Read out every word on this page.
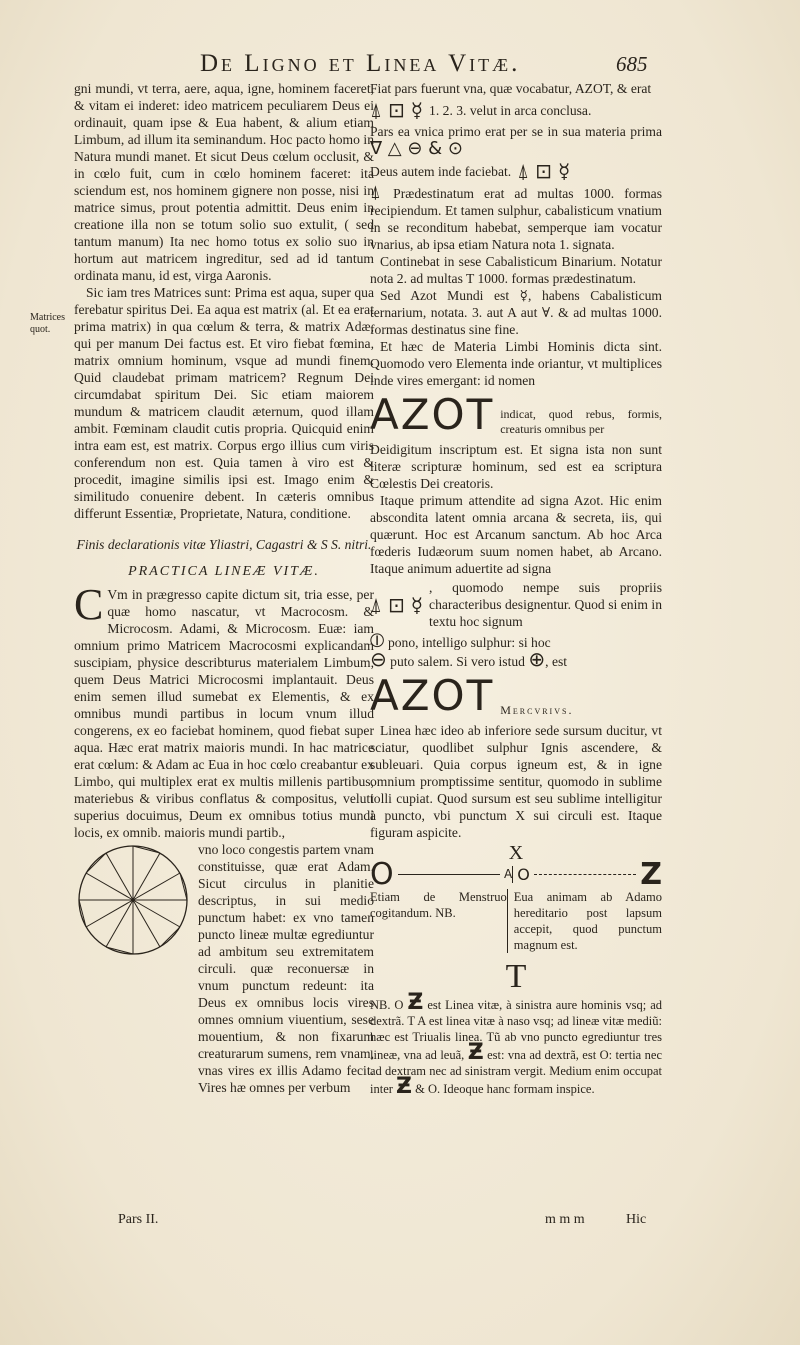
De Ligno et Linea Vitæ.	685
Matrices quot.

gni mundi, vt terra, aere, aqua, igne, hominem faceret, & vitam ei inderet: ideo matricem peculiarem Deus ei ordinauit, quam ipse & Eua habent, & alium etiam Limbum, ad illum ita seminandum. Hoc pacto homo in Natura mundi manet. Et sicut Deus cœlum occlusit, & in cœlo fuit, cum in cœlo hominem faceret: ita sciendum est, nos hominem gignere non posse, nisi in matrice simus, prout potentia admittit. Deus enim in creatione illa non se totum solio suo extulit, ( sed tantum manum) Ita nec homo totus ex solio suo in hortum aut matricem ingreditur, sed ad id tantum ordinata manu, id est, virga Aaronis.

Sic iam tres Matrices sunt: Prima est aqua, super qua ferebatur spiritus Dei. Ea aqua est matrix (al. Et ea erat prima matrix) in qua cœlum & terra, & matrix Adæ, qui per manum Dei factus est. Et viro fiebat fœmina, matrix omnium hominum, vsque ad mundi finem. Quid claudebat primam matricem? Regnum Dei circumdabat spiritum Dei. Sic etiam maiorem mundum & matricem claudit æternum, quod illam ambit. Fœminam claudit cutis propria. Quicquid enim intra eam est, est matrix. Corpus ergo illius cum viris conferendum non est. Quia tamen à viro est & procedit, imagine similis ipsi est. Imago enim & similitudo conuenire debent. In cæteris omnibus differunt Essentiæ, Proprietate, Natura, conditione.

Finis declarationis vitæ Yliastri, Cagastri & S S. nitri.

PRACTICA LINEÆ VITÆ.

C Vm in prægresso capite dictum sit, tria esse, per quæ homo nascatur, vt Macrocosm. & Microcosm. Adami, & Microcosm. Euæ: iam omnium primo Matricem Macrocosmi explicandam suscipiam, physice describturus materialem Limbum, quem Deus Matrici Microcosmi implantauit. Deus enim semen illud sumebat ex Elementis, & ex omnibus mundi partibus in locum vnum illud congerens, ex eo faciebat hominem, quod fiebat super aqua. Hæc erat matrix maioris mundi. In hac matrice erat cœlum: & Adam ac Eua in hoc cœlo creabantur ex Limbo, qui multiplex erat ex multis millenis partibus, materiebus & viribus conflatus & compositus, veluti superius docuimus, Deum ex omnibus totius mundi locis, ex omnib. maioris mundi partib.,

vno loco congestis partem vnam constituisse, quæ erat Adam. Sicut circulus in planitie descriptus, in sui medio punctum habet: ex vno tamen puncto lineæ multæ egrediuntur ad ambitum seu extremitatem circuli. quæ reconuersæ in vnum punctum redeunt: ita Deus ex omnibus locis vires omnes omnium viuentium, sese mouentium, & non fixarum creaturarum sumens, rem vnam, vnas vires ex illis Adamo fecit. Vires hæ omnes per verbum

Fiat pars fuerunt vna, quæ vocabatur, AZOT, & erat

⍋ ⊡ ☿ 1. 2. 3. velut in arca conclusa.

Pars ea vnica primo erat per se in sua materia prima ∇ △ ⊖ & ⊙

Deus autem inde faciebat. ⍋ ⊡ ☿

⍋ Prædestinatum erat ad multas 1000. formas recipiendum. Et tamen sulphur, cabalisticum vnatium in se reconditum habebat, semperque iam vocatur vnarius, ab ipsa etiam Natura nota 1. signata.

Continebat in sese Cabalisticum Binarium. Notatur nota 2. ad multas T 1000. formas prædestinatum.

Sed Azot Mundi est ☿, habens Cabalisticum ternarium, notata. 3. aut A aut ∀. & ad multas 1000. formas destinatus sine fine.

Et hæc de Materia Limbi Hominis dicta sint. Quomodo vero Elementa inde oriantur, vt multiplices inde vires emergant: id nomen

AZOT indicat, quod rebus, formis, creaturis omnibus per

Deidigitum inscriptum est. Et signa ista non sunt literæ scripturæ hominum, sed est ea scriptura Cœlestis Dei creatoris.

Itaque primum attendite ad signa Azot. Hic enim abscondita latent omnia arcana & secreta, iis, qui quærunt. Hoc est Arcanum sanctum. Ab hoc Arca fœderis Iudæorum suum nomen habet, ab Arcano. Itaque animum aduertite ad signa

⍋ ⊡ ☿
, quomodo nempe suis propriis characteribus designentur. Quod si enim in textu hoc signum

⦶ pono, intelligo sulphur: si hoc

⊖ puto salem. Si vero istud ⊕, est

AZOT Mercvrivs.

Linea hæc ideo ab inferiore sede sursum ducitur, vt sciatur, quodlibet sulphur Ignis ascendere, & subleuari. Quia corpus igneum est, & in igne omnium promptissime sentitur, quomodo in sublime tolli cupiat. Quod sursum est seu sublime intelligitur à puncto, vbi punctum X sui circuli est. Itaque figuram aspicite.

X
O	A O	Z
Etiam de Menstruo cogitandum. NB.
Eua animam ab Adamo hereditario post lapsum accepit, quod punctum magnum est.
T

NB. O Ƶ est Linea vitæ, à sinistra aure hominis vsq; ad dextrã. T A est linea vitæ à naso vsq; ad lineæ vitæ mediũ: hæc est Triualis linea. Tũ ab vno puncto egrediuntur tres lineæ, vna ad leuã, Ƶ est: vna ad dextrã, est O: tertia nec ad dextram nec ad sinistram vergit. Medium enim occupat inter Ƶ & O. Ideoque hanc formam inspice.

Pars II.	m m m	Hic
